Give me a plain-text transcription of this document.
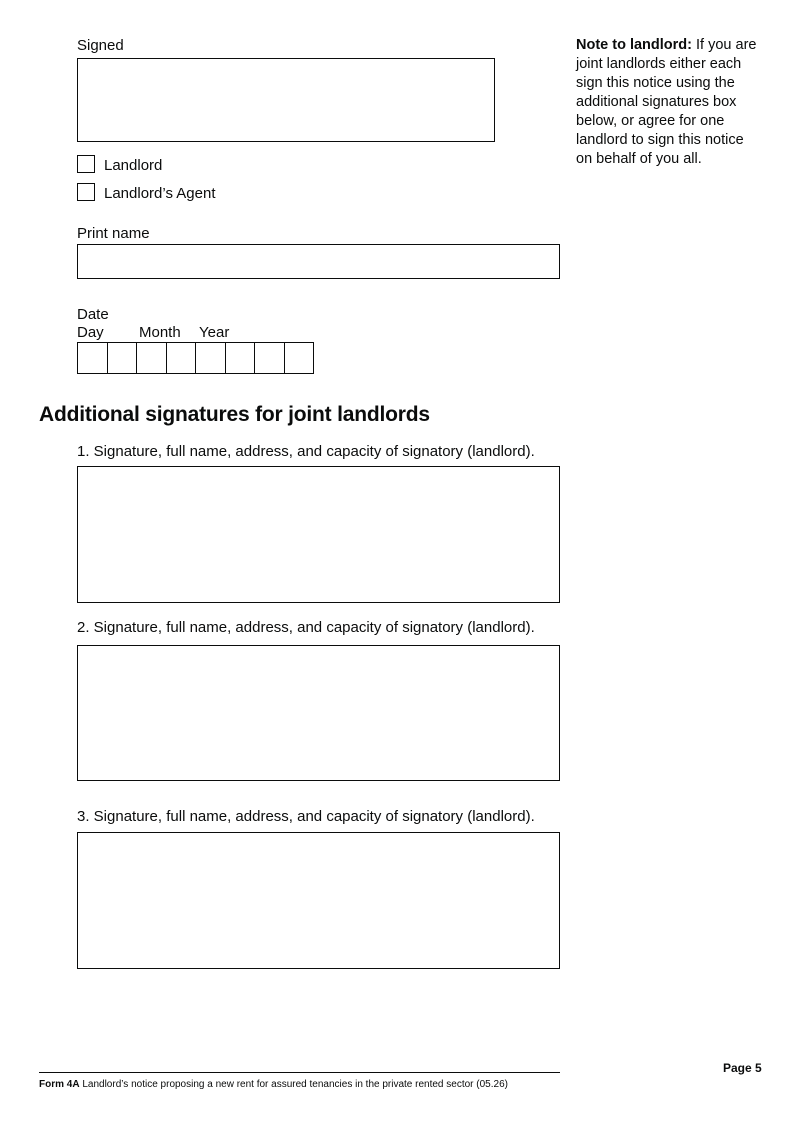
Signed	Note to landlord: If you are joint landlords either each sign this notice using the additional signatures box below, or agree for one landlord to sign this notice on behalf of you all.
Landlord
Landlord’s Agent
Print name
Date
Day Month Year
Additional signatures for joint landlords
1. Signature, full name, address, and capacity of signatory (landlord).
2. Signature, full name, address, and capacity of signatory (landlord).
3. Signature, full name, address, and capacity of signatory (landlord).
Page 5
Form 4A Landlord’s notice proposing a new rent for assured tenancies in the private rented sector (05.26)
